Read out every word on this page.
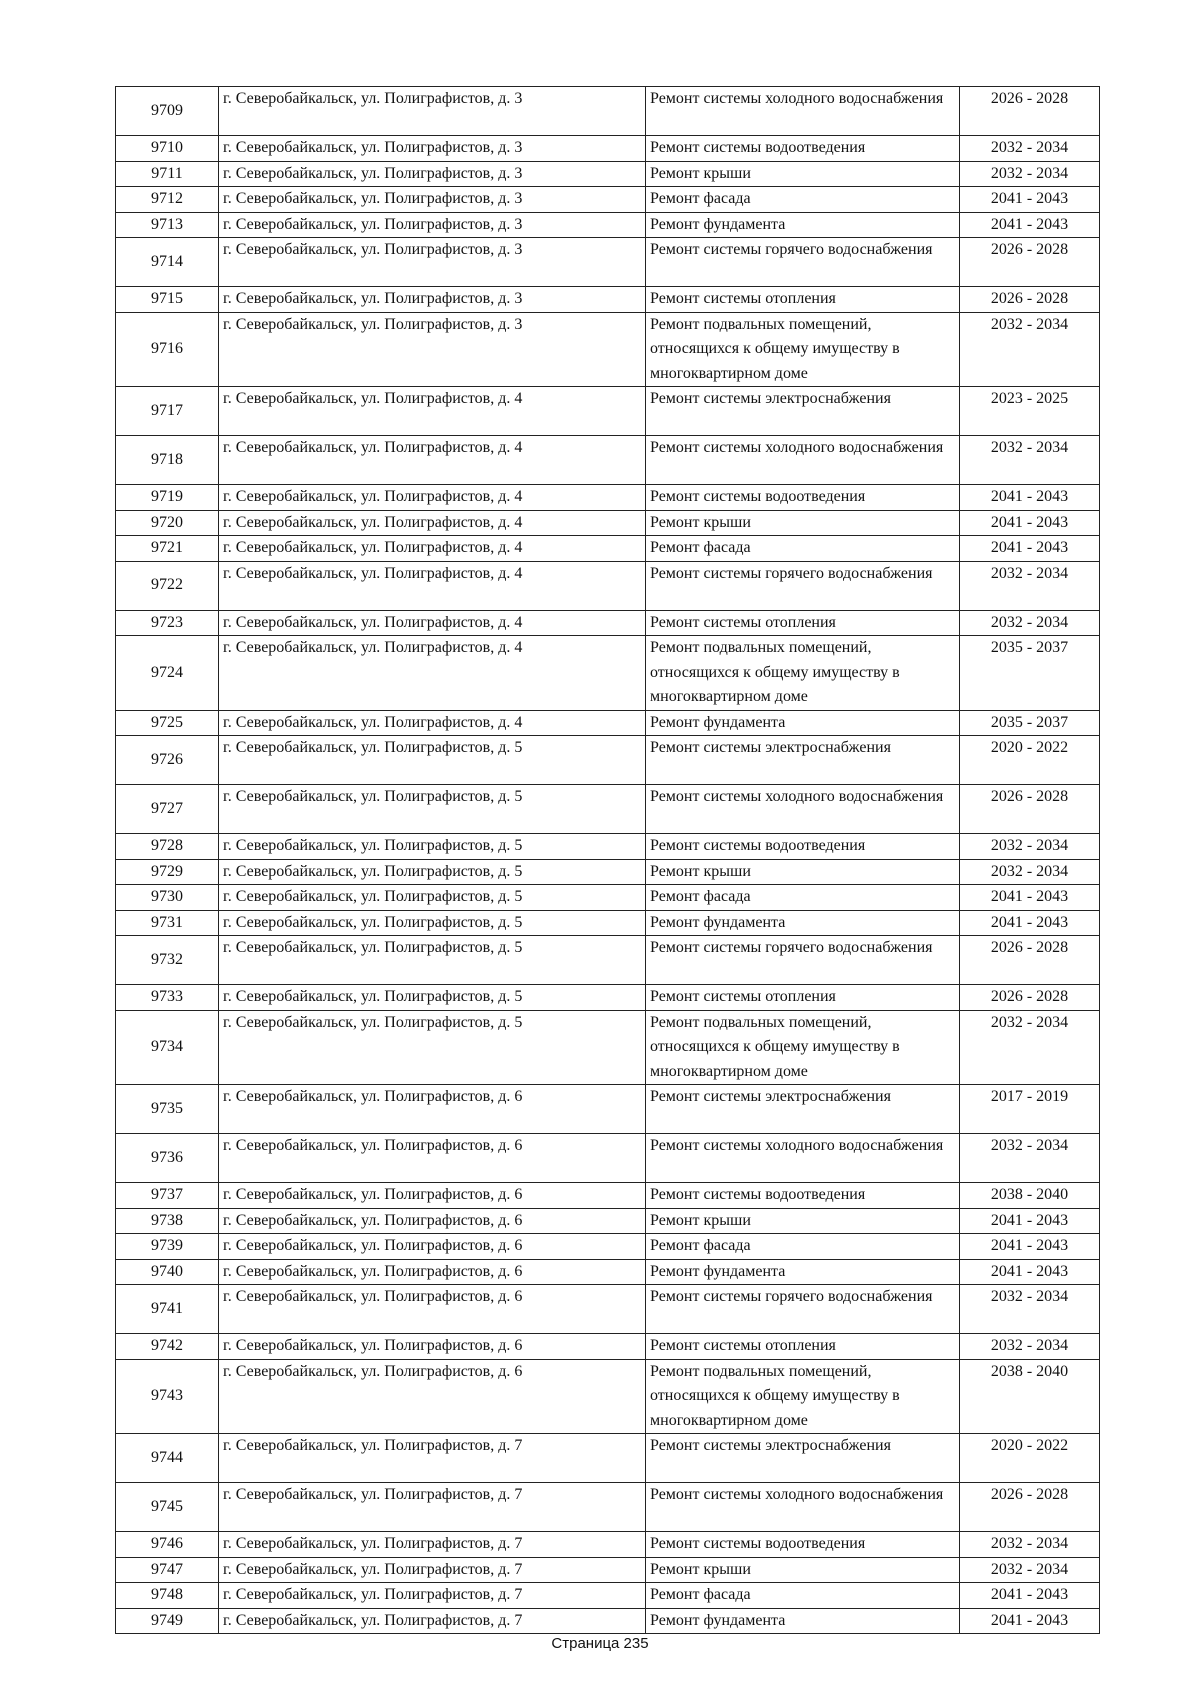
9709	г. Северобайкальск, ул. Полиграфистов, д. 3	Ремонт системы холодного водоснабжения	2026 - 2028
9710	г. Северобайкальск, ул. Полиграфистов, д. 3	Ремонт системы водоотведения	2032 - 2034
9711	г. Северобайкальск, ул. Полиграфистов, д. 3	Ремонт крыши	2032 - 2034
9712	г. Северобайкальск, ул. Полиграфистов, д. 3	Ремонт фасада	2041 - 2043
9713	г. Северобайкальск, ул. Полиграфистов, д. 3	Ремонт фундамента	2041 - 2043
9714	г. Северобайкальск, ул. Полиграфистов, д. 3	Ремонт системы горячего водоснабжения	2026 - 2028
9715	г. Северобайкальск, ул. Полиграфистов, д. 3	Ремонт системы отопления	2026 - 2028
9716	г. Северобайкальск, ул. Полиграфистов, д. 3	Ремонт подвальных помещений, относящихся к общему имуществу в многоквартирном доме	2032 - 2034
9717	г. Северобайкальск, ул. Полиграфистов, д. 4	Ремонт системы электроснабжения	2023 - 2025
9718	г. Северобайкальск, ул. Полиграфистов, д. 4	Ремонт системы холодного водоснабжения	2032 - 2034
9719	г. Северобайкальск, ул. Полиграфистов, д. 4	Ремонт системы водоотведения	2041 - 2043
9720	г. Северобайкальск, ул. Полиграфистов, д. 4	Ремонт крыши	2041 - 2043
9721	г. Северобайкальск, ул. Полиграфистов, д. 4	Ремонт фасада	2041 - 2043
9722	г. Северобайкальск, ул. Полиграфистов, д. 4	Ремонт системы горячего водоснабжения	2032 - 2034
9723	г. Северобайкальск, ул. Полиграфистов, д. 4	Ремонт системы отопления	2032 - 2034
9724	г. Северобайкальск, ул. Полиграфистов, д. 4	Ремонт подвальных помещений, относящихся к общему имуществу в многоквартирном доме	2035 - 2037
9725	г. Северобайкальск, ул. Полиграфистов, д. 4	Ремонт фундамента	2035 - 2037
9726	г. Северобайкальск, ул. Полиграфистов, д. 5	Ремонт системы электроснабжения	2020 - 2022
9727	г. Северобайкальск, ул. Полиграфистов, д. 5	Ремонт системы холодного водоснабжения	2026 - 2028
9728	г. Северобайкальск, ул. Полиграфистов, д. 5	Ремонт системы водоотведения	2032 - 2034
9729	г. Северобайкальск, ул. Полиграфистов, д. 5	Ремонт крыши	2032 - 2034
9730	г. Северобайкальск, ул. Полиграфистов, д. 5	Ремонт фасада	2041 - 2043
9731	г. Северобайкальск, ул. Полиграфистов, д. 5	Ремонт фундамента	2041 - 2043
9732	г. Северобайкальск, ул. Полиграфистов, д. 5	Ремонт системы горячего водоснабжения	2026 - 2028
9733	г. Северобайкальск, ул. Полиграфистов, д. 5	Ремонт системы отопления	2026 - 2028
9734	г. Северобайкальск, ул. Полиграфистов, д. 5	Ремонт подвальных помещений, относящихся к общему имуществу в многоквартирном доме	2032 - 2034
9735	г. Северобайкальск, ул. Полиграфистов, д. 6	Ремонт системы электроснабжения	2017 - 2019
9736	г. Северобайкальск, ул. Полиграфистов, д. 6	Ремонт системы холодного водоснабжения	2032 - 2034
9737	г. Северобайкальск, ул. Полиграфистов, д. 6	Ремонт системы водоотведения	2038 - 2040
9738	г. Северобайкальск, ул. Полиграфистов, д. 6	Ремонт крыши	2041 - 2043
9739	г. Северобайкальск, ул. Полиграфистов, д. 6	Ремонт фасада	2041 - 2043
9740	г. Северобайкальск, ул. Полиграфистов, д. 6	Ремонт фундамента	2041 - 2043
9741	г. Северобайкальск, ул. Полиграфистов, д. 6	Ремонт системы горячего водоснабжения	2032 - 2034
9742	г. Северобайкальск, ул. Полиграфистов, д. 6	Ремонт системы отопления	2032 - 2034
9743	г. Северобайкальск, ул. Полиграфистов, д. 6	Ремонт подвальных помещений, относящихся к общему имуществу в многоквартирном доме	2038 - 2040
9744	г. Северобайкальск, ул. Полиграфистов, д. 7	Ремонт системы электроснабжения	2020 - 2022
9745	г. Северобайкальск, ул. Полиграфистов, д. 7	Ремонт системы холодного водоснабжения	2026 - 2028
9746	г. Северобайкальск, ул. Полиграфистов, д. 7	Ремонт системы водоотведения	2032 - 2034
9747	г. Северобайкальск, ул. Полиграфистов, д. 7	Ремонт крыши	2032 - 2034
9748	г. Северобайкальск, ул. Полиграфистов, д. 7	Ремонт фасада	2041 - 2043
9749	г. Северобайкальск, ул. Полиграфистов, д. 7	Ремонт фундамента	2041 - 2043
Страница 235
